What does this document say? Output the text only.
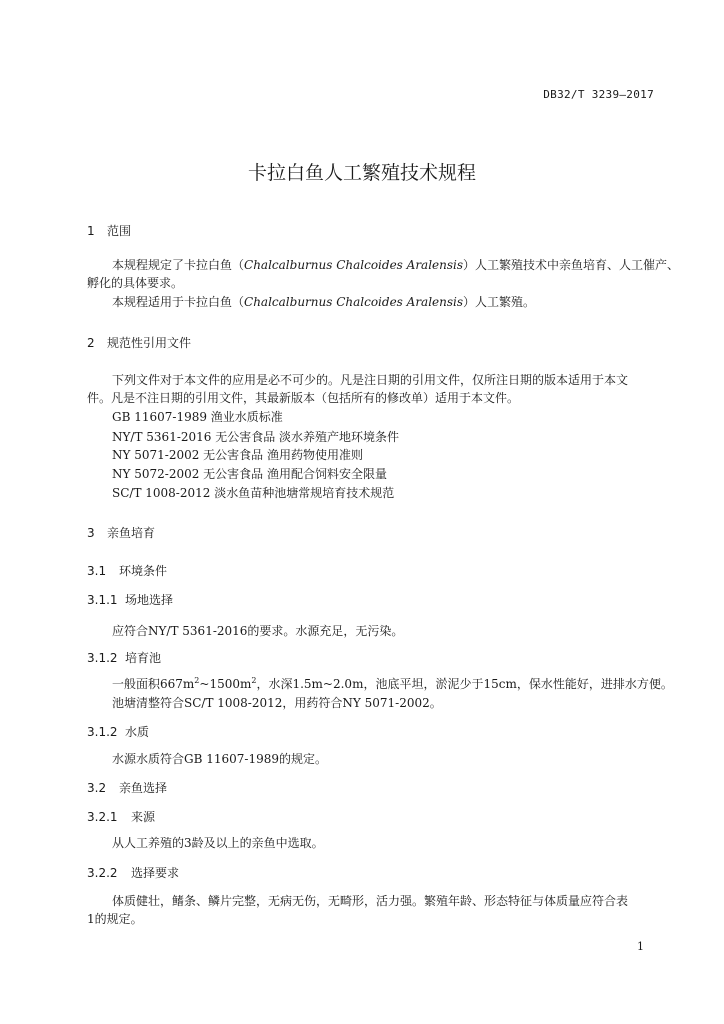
DB32/T 3239—2017
卡拉白鱼人工繁殖技术规程
1 范围
本规程规定了卡拉白鱼（Chalcalburnus Chalcoides Aralensis）人工繁殖技术中亲鱼培育、人工催产、
孵化的具体要求。
本规程适用于卡拉白鱼（Chalcalburnus Chalcoides Aralensis）人工繁殖。
2 规范性引用文件
下列文件对于本文件的应用是必不可少的。凡是注日期的引用文件，仅所注日期的版本适用于本文
件。凡是不注日期的引用文件，其最新版本（包括所有的修改单）适用于本文件。
GB 11607-1989 渔业水质标准
NY/T 5361-2016 无公害食品 淡水养殖产地环境条件
NY 5071-2002 无公害食品 渔用药物使用准则
NY 5072-2002 无公害食品 渔用配合饲料安全限量
SC/T 1008-2012 淡水鱼苗种池塘常规培育技术规范
3 亲鱼培育
3.1 环境条件
3.1.1 场地选择
应符合NY/T 5361-2016的要求。水源充足，无污染。
3.1.2 培育池
一般面积$667m^2\sim 1500m^2$，水深1.5m~2.0m，池底平坦，淤泥少于15cm，保水性能好，进排水方便。
池塘清整符合SC/T 1008-2012，用药符合NY 5071-2002。
3.1.2 水质
水源水质符合GB 11607-1989的规定。
3.2 亲鱼选择
3.2.1 来源
从人工养殖的3龄及以上的亲鱼中选取。
3.2.2 选择要求
体质健壮，鳍条、鳞片完整，无病无伤，无畸形，活力强。繁殖年龄、形态特征与体质量应符合表
1的规定。
1
